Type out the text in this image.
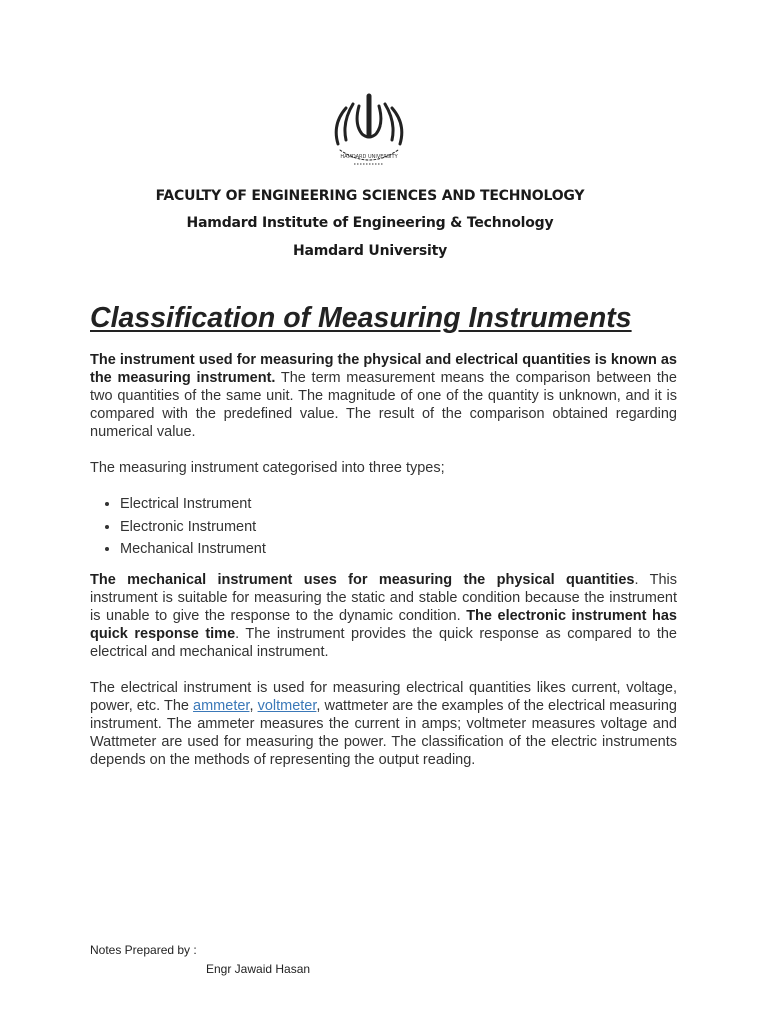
HAMDARD UNIVERSITY
FACULTY OF ENGINEERING SCIENCES AND TECHNOLOGY
Hamdard Institute of Engineering & Technology
Hamdard University
Classification of Measuring Instruments

The instrument used for measuring the physical and electrical quantities is known as the measuring instrument. The term measurement means the comparison between the two quantities of the same unit. The magnitude of one of the quantity is unknown, and it is compared with the predefined value. The result of the comparison obtained regarding numerical value.

The measuring instrument categorised into three types;

• Electrical Instrument
• Electronic Instrument
• Mechanical Instrument

The mechanical instrument uses for measuring the physical quantities. This instrument is suitable for measuring the static and stable condition because the instrument is unable to give the response to the dynamic condition. The electronic instrument has quick response time. The instrument provides the quick response as compared to the electrical and mechanical instrument.

The electrical instrument is used for measuring electrical quantities likes current, voltage, power, etc. The ammeter, voltmeter, wattmeter are the examples of the electrical measuring instrument. The ammeter measures the current in amps; voltmeter measures voltage and Wattmeter are used for measuring the power. The classification of the electric instruments depends on the methods of representing the output reading.

Notes Prepared by :
Engr Jawaid Hasan
